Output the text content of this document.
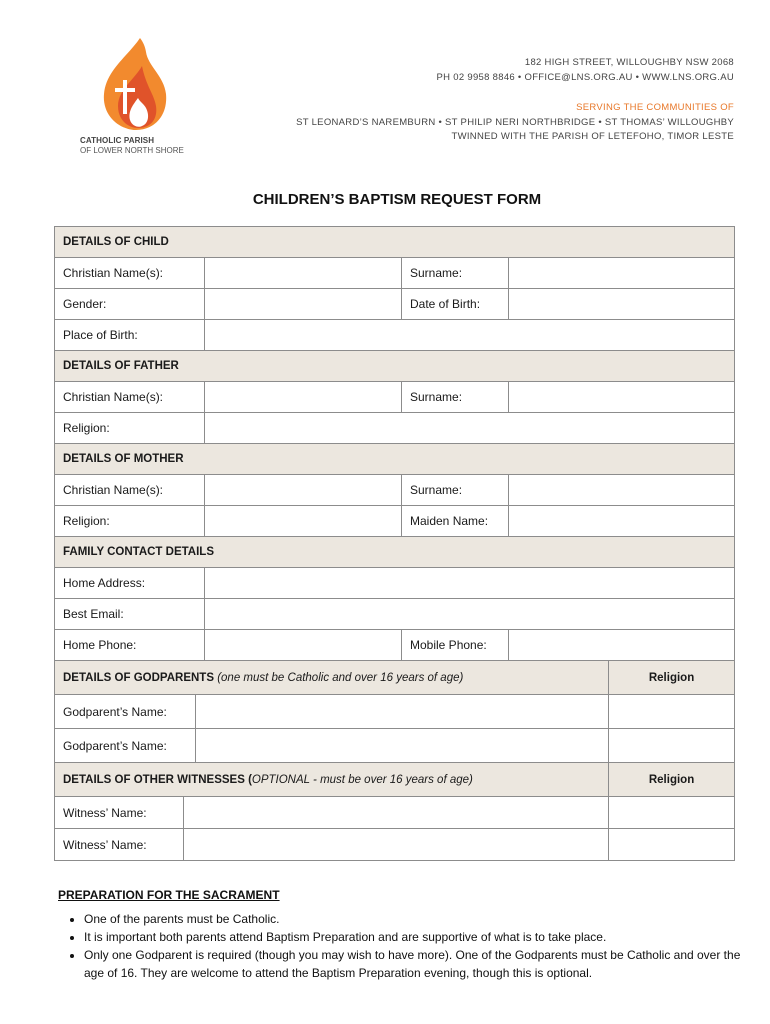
CATHOLIC PARISH
OF LOWER NORTH SHORE
182 HIGH STREET, WILLOUGHBY NSW 2068
PH 02 9958 8846 • OFFICE@LNS.ORG.AU • WWW.LNS.ORG.AU
SERVING THE COMMUNITIES OF
ST LEONARD’S NAREMBURN • ST PHILIP NERI NORTHBRIDGE • ST THOMAS’ WILLOUGHBY
TWINNED WITH THE PARISH OF LETEFOHO, TIMOR LESTE
CHILDREN’S BAPTISM REQUEST FORM
DETAILS OF CHILD						
Christian Name(s):				Surname:		
Gender:				Date of Birth:		
Place of Birth:						
DETAILS OF FATHER						
Christian Name(s):				Surname:		
Religion:						
DETAILS OF MOTHER						
Christian Name(s):				Surname:		
Religion:				Maiden Name:		
FAMILY CONTACT DETAILS						
Home Address:						
Best Email:						
Home Phone:				Mobile Phone:		
DETAILS OF GODPARENTS (one must be Catholic and over 16 years of age)						Religion
Godparent’s Name:						
Godparent’s Name:						
DETAILS OF OTHER WITNESSES (OPTIONAL - must be over 16 years of age)						Religion
Witness’ Name:						
Witness’ Name:						
PREPARATION FOR THE SACRAMENT
• One of the parents must be Catholic.
• It is important both parents attend Baptism Preparation and are supportive of what is to take place.
• Only one Godparent is required (though you may wish to have more). One of the Godparents must be Catholic and over the age of 16. They are welcome to attend the Baptism Preparation evening, though this is optional.
